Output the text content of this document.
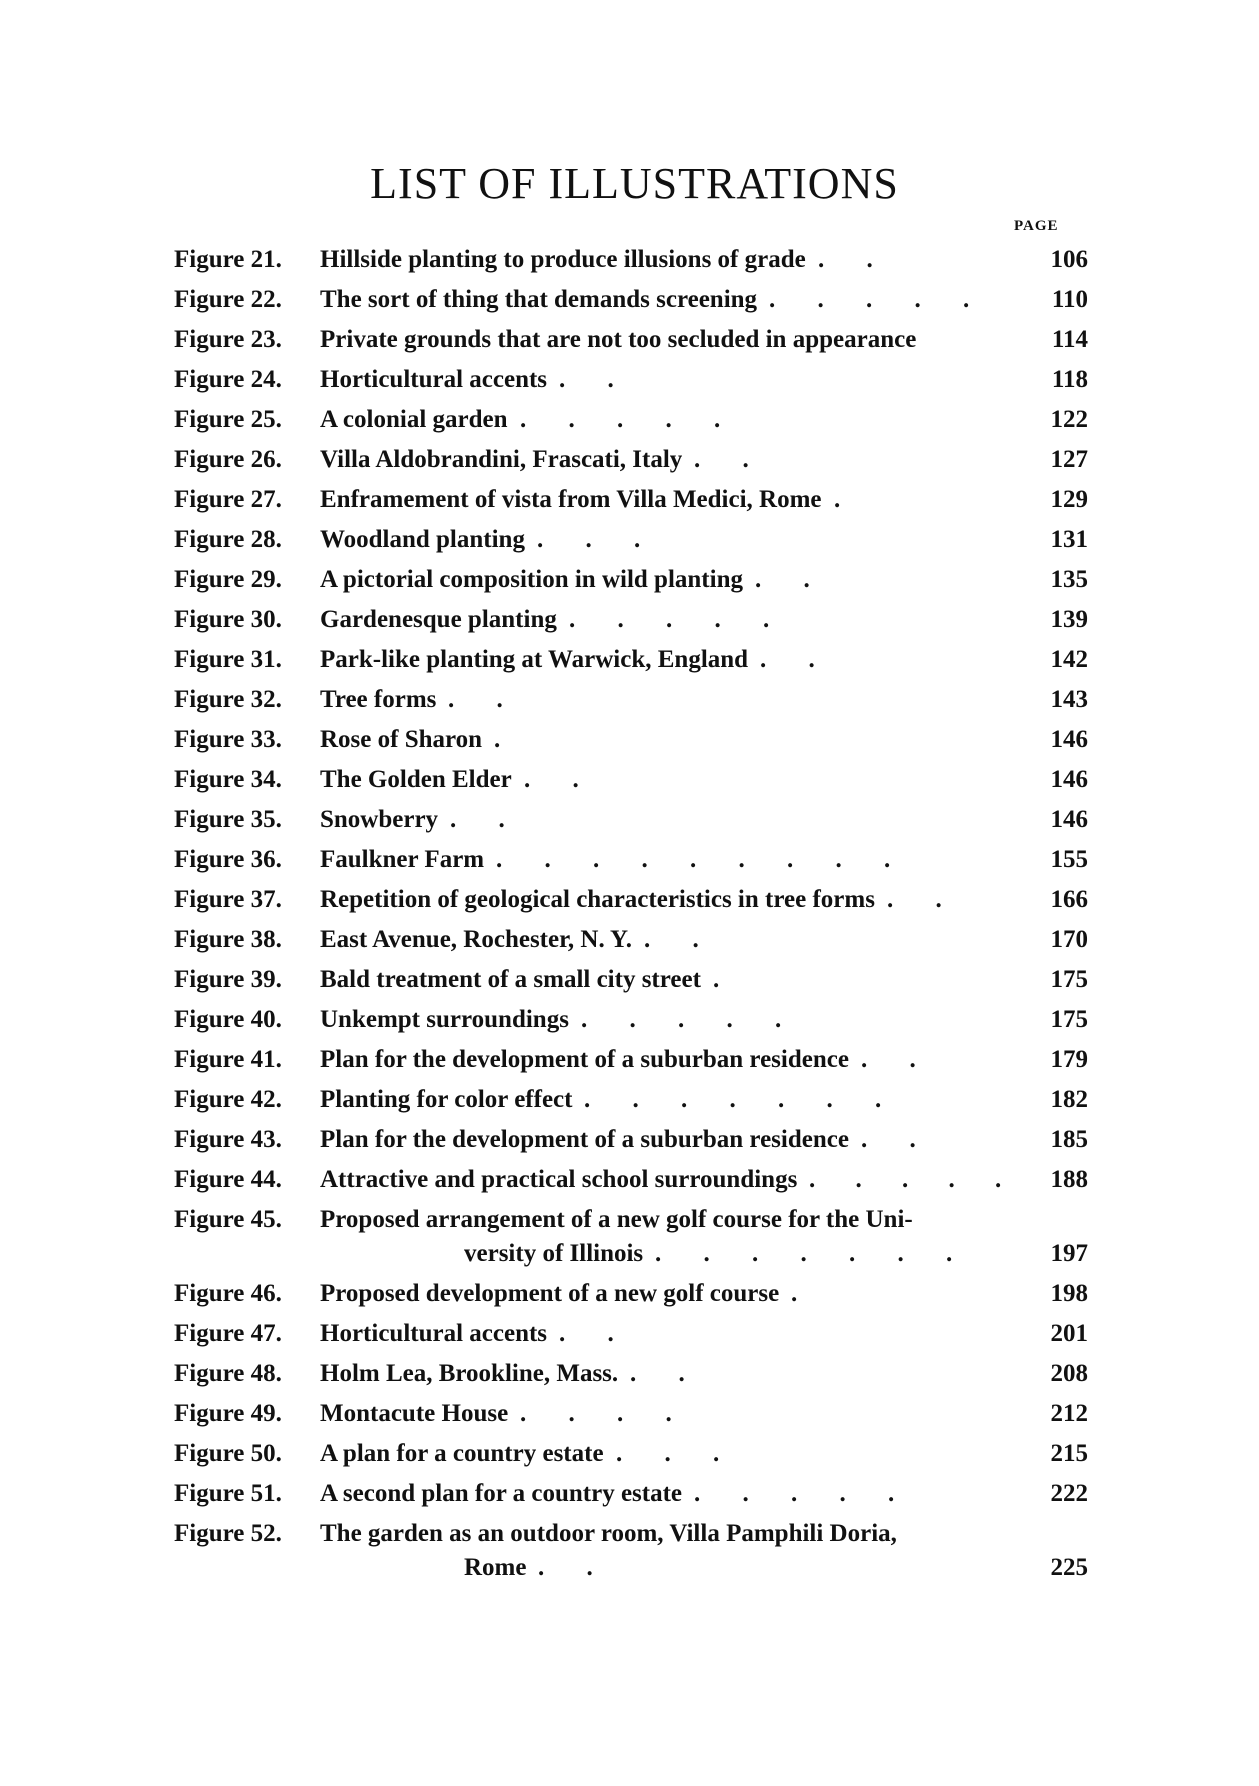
LIST OF ILLUSTRATIONS
PAGE
Figure 21. Hillside planting to produce illusions of grade . .	106
Figure 22. The sort of thing that demands screening . . . . .	110
Figure 23. Private grounds that are not too secluded in appearance	114
Figure 24. Horticultural accents . .	118
Figure 25. A colonial garden . . . . .	122
Figure 26. Villa Aldobrandini, Frascati, Italy . .	127
Figure 27. Enframement of vista from Villa Medici, Rome .	129
Figure 28. Woodland planting . . .	131
Figure 29. A pictorial composition in wild planting . .	135
Figure 30. Gardenesque planting . . . . .	139
Figure 31. Park-like planting at Warwick, England . .	142
Figure 32. Tree forms . .	143
Figure 33. Rose of Sharon .	146
Figure 34. The Golden Elder . .	146
Figure 35. Snowberry . .	146
Figure 36. Faulkner Farm . . . . . . . . .	155
Figure 37. Repetition of geological characteristics in tree forms . .	166
Figure 38. East Avenue, Rochester, N. Y. . .	170
Figure 39. Bald treatment of a small city street .	175
Figure 40. Unkempt surroundings . . . . .	175
Figure 41. Plan for the development of a suburban residence . .	179
Figure 42. Planting for color effect . . . . . . .	182
Figure 43. Plan for the development of a suburban residence . .	185
Figure 44. Attractive and practical school surroundings . . . . . 188
Figure 45. Proposed arrangement of a new golf course for the Uni-
versity of Illinois . . . . . . .	197
Figure 46. Proposed development of a new golf course .	198
Figure 47. Horticultural accents . .	201
Figure 48. Holm Lea, Brookline, Mass. . .	208
Figure 49. Montacute House . . . .	212
Figure 50. A plan for a country estate . . .	215
Figure 51. A second plan for a country estate . . . . .	222
Figure 52. The garden as an outdoor room, Villa Pamphili Doria,
Rome . .	225
